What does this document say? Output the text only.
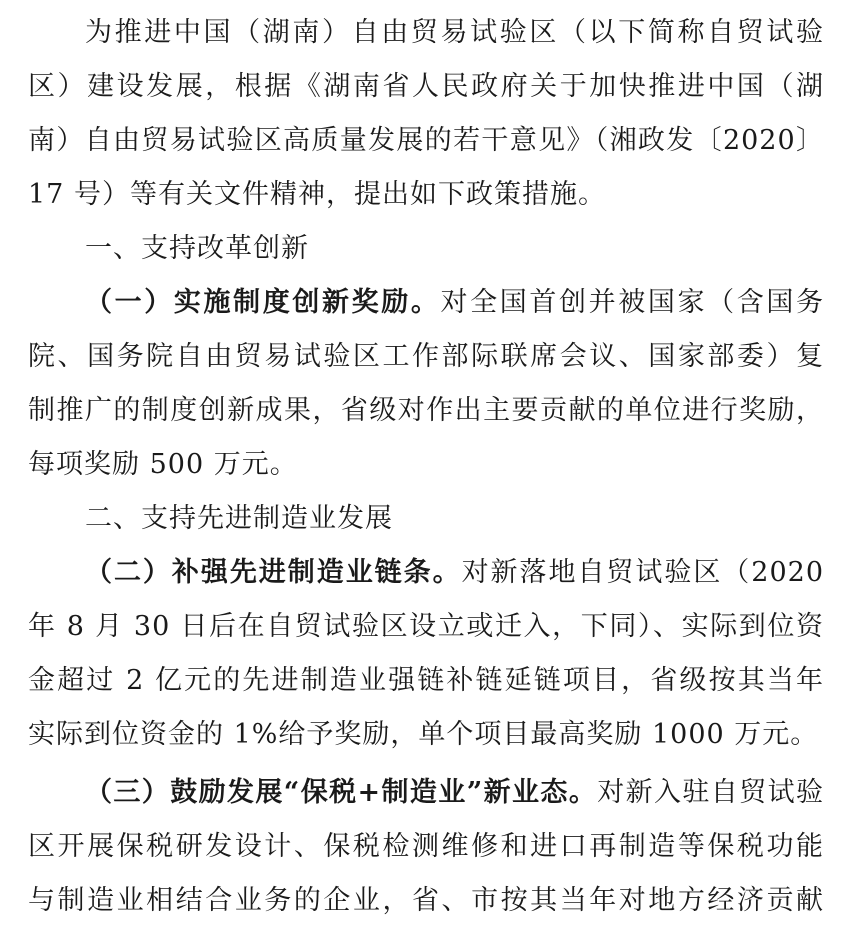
为推进中国（湖南）自由贸易试验区（以下简称自贸试验
区）建设发展，根据《湖南省人民政府关于加快推进中国（湖
南）自由贸易试验区高质量发展的若干意见》（湘政发〔2020〕
17 号）等有关文件精神，提出如下政策措施。
一、支持改革创新
（一）实施制度创新奖励。对全国首创并被国家（含国务
院、国务院自由贸易试验区工作部际联席会议、国家部委）复
制推广的制度创新成果，省级对作出主要贡献的单位进行奖励，
每项奖励 500 万元。
二、支持先进制造业发展
（二）补强先进制造业链条。对新落地自贸试验区（2020
年 8 月 30 日后在自贸试验区设立或迁入，下同）、实际到位资
金超过 2 亿元的先进制造业强链补链延链项目，省级按其当年
实际到位资金的 1%给予奖励，单个项目最高奖励 1000 万元。
（三）鼓励发展“保税+制造业”新业态。对新入驻自贸试验
区开展保税研发设计、保税检测维修和进口再制造等保税功能
与制造业相结合业务的企业，省、市按其当年对地方经济贡献
